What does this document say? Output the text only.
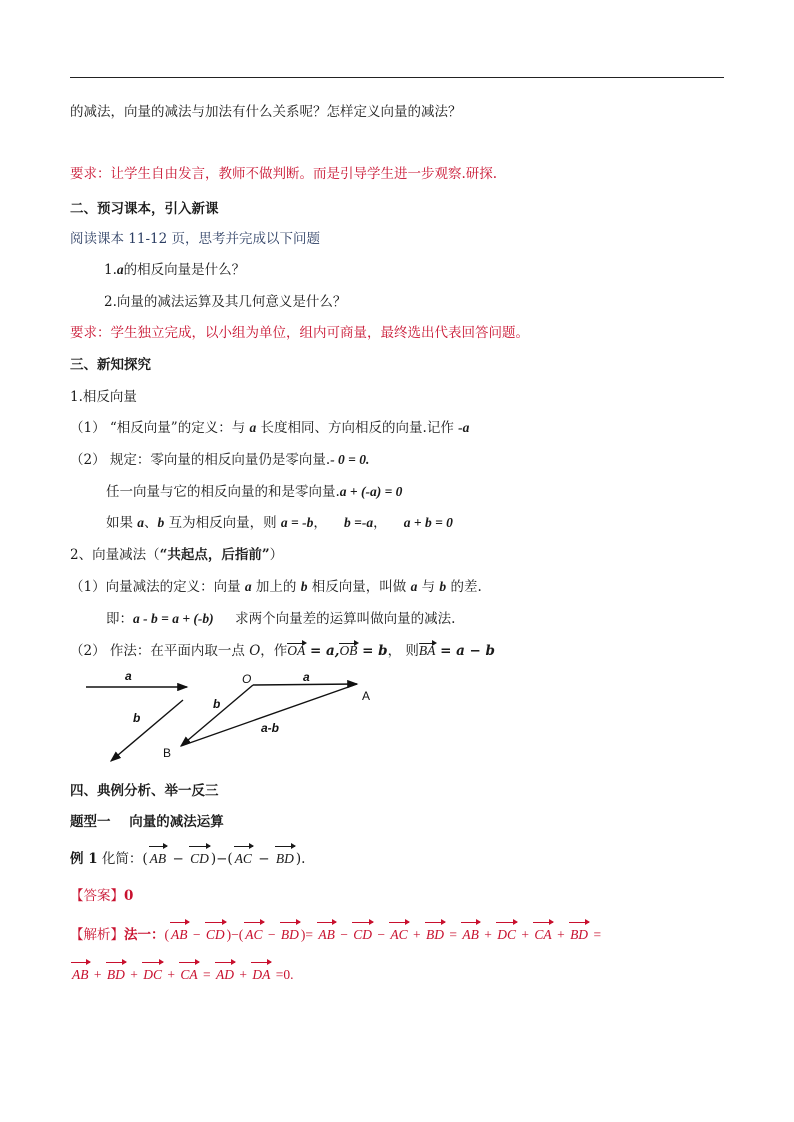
的减法，向量的减法与加法有什么关系呢？怎样定义向量的减法？
要求：让学生自由发言，教师不做判断。而是引导学生进一步观察.研探.
二、预习课本，引入新课
阅读课本 11-12 页，思考并完成以下问题
1.a的相反向量是什么？
2.向量的减法运算及其几何意义是什么？
要求：学生独立完成，以小组为单位，组内可商量，最终选出代表回答问题。
三、新知探究
1.相反向量
（1） “相反向量”的定义：与 a 长度相同、方向相反的向量.记作 -a
（2） 规定：零向量的相反向量仍是零向量.- 0 = 0.
任一向量与它的相反向量的和是零向量.a + (-a) = 0
如果 a、b 互为相反向量，则 a = -b，    b =-a，    a + b = 0
2、向量减法（“共起点，后指前”）
（1）向量减法的定义：向量 a 加上的 b 相反向量，叫做 a 与 b 的差.
即：a - b = a + (-b) 求两个向量差的运算叫做向量的减法.
（2） 作法：在平面内取一点 O，作OA = a,OB = b， 则BA = a − b
a
b
O	a
A
b
B
a-b
四、典例分析、举一反三
题型一    向量的减法运算
例 1 化简：( AB − CD )−( AC − BD ).
【答案】0
【解析】法一：( AB − CD )−( AC − BD )= AB − CD − AC + BD = AB + DC + CA + BD =
AB + BD + DC + CA = AD + DA =0.
